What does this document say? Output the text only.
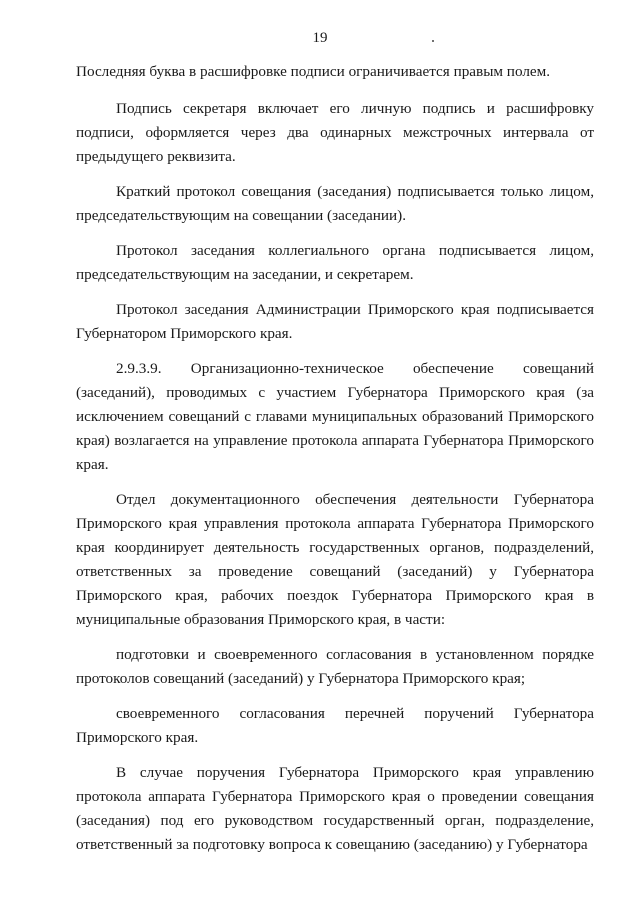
19

Последняя буква в расшифровке подписи ограничивается правым полем.

Подпись секретаря включает его личную подпись и расшифровку подписи, оформляется через два одинарных межстрочных интервала от предыдущего реквизита.

Краткий протокол совещания (заседания) подписывается только лицом, председательствующим на совещании (заседании).

Протокол заседания коллегиального органа подписывается лицом, председательствующим на заседании, и секретарем.

Протокол заседания Администрации Приморского края подписывается Губернатором Приморского края.

2.9.3.9. Организационно-техническое обеспечение совещаний (заседаний), проводимых с участием Губернатора Приморского края (за исключением совещаний с главами муниципальных образований Приморского края) возлагается на управление протокола аппарата Губернатора Приморского края.

Отдел документационного обеспечения деятельности Губернатора Приморского края управления протокола аппарата Губернатора Приморского края координирует деятельность государственных органов, подразделений, ответственных за проведение совещаний (заседаний) у Губернатора Приморского края, рабочих поездок Губернатора Приморского края в муниципальные образования Приморского края, в части:

подготовки и своевременного согласования в установленном порядке протоколов совещаний (заседаний) у Губернатора Приморского края;

своевременного согласования перечней поручений Губернатора Приморского края.

В случае поручения Губернатора Приморского края управлению протокола аппарата Губернатора Приморского края о проведении совещания (заседания) под его руководством государственный орган, подразделение, ответственный за подготовку вопроса к совещанию (заседанию) у Губернатора
